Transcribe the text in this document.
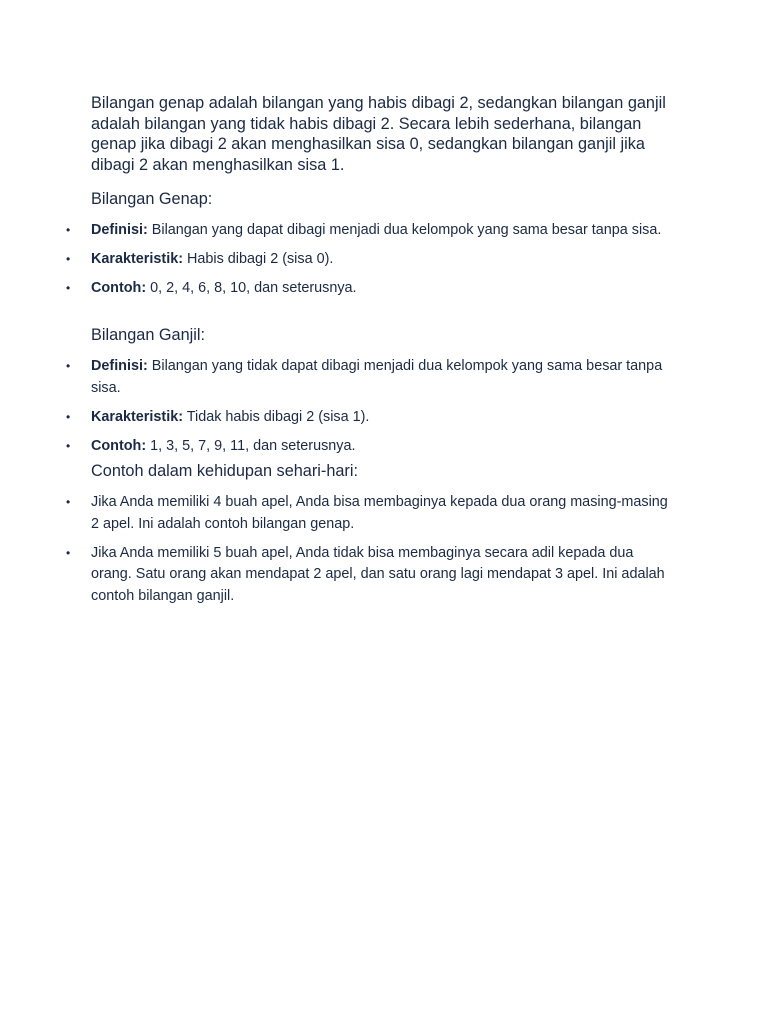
Bilangan genap adalah bilangan yang habis dibagi 2, sedangkan bilangan ganjil adalah bilangan yang tidak habis dibagi 2. Secara lebih sederhana, bilangan genap jika dibagi 2 akan menghasilkan sisa 0, sedangkan bilangan ganjil jika dibagi 2 akan menghasilkan sisa 1.

Bilangan Genap:
• Definisi: Bilangan yang dapat dibagi menjadi dua kelompok yang sama besar tanpa sisa.
• Karakteristik: Habis dibagi 2 (sisa 0).
• Contoh: 0, 2, 4, 6, 8, 10, dan seterusnya.
Bilangan Ganjil:
• Definisi: Bilangan yang tidak dapat dibagi menjadi dua kelompok yang sama besar tanpa sisa.
• Karakteristik: Tidak habis dibagi 2 (sisa 1).
• Contoh: 1, 3, 5, 7, 9, 11, dan seterusnya.
Contoh dalam kehidupan sehari-hari:
• Jika Anda memiliki 4 buah apel, Anda bisa membaginya kepada dua orang masing-masing 2 apel. Ini adalah contoh bilangan genap.
• Jika Anda memiliki 5 buah apel, Anda tidak bisa membaginya secara adil kepada dua orang. Satu orang akan mendapat 2 apel, dan satu orang lagi mendapat 3 apel. Ini adalah contoh bilangan ganjil.
